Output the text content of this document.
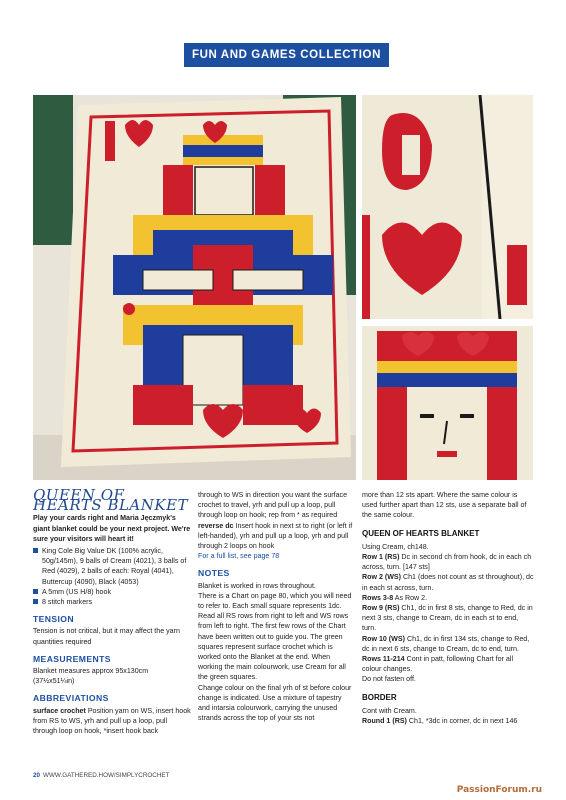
FUN AND GAMES COLLECTION
QUEEN OF HEARTS BLANKET

Play your cards right and Maria Jęczmyk's giant blanket could be your next project. We're sure your visitors will heart it!

King Cole Big Value DK (100% acrylic, 50g/145m), 9 balls of Cream (4021), 3 balls of Red (4029), 2 balls of each: Royal (4041), Buttercup (4090), Black (4053)
A 5mm (US H/8) hook
8 stitch markers
TENSION

Tension is not critical, but it may affect the yarn quantities required

MEASUREMENTS

Blanket measures approx 95x130cm (37½x51¼in)

ABBREVIATIONS

surface crochet Position yarn on WS, insert hook from RS to WS, yrh and pull up a loop, pull through loop on hook, *insert hook back

through to WS in direction you want the surface crochet to travel, yrh and pull up a loop, pull through loop on hook; rep from * as required

reverse dc Insert hook in next st to right (or left if left-handed), yrh and pull up a loop, yrh and pull through 2 loops on hook

For a full list, see page 78

NOTES

Blanket is worked in rows throughout.

There is a Chart on page 80, which you will need to refer to. Each small square represents 1dc. Read all RS rows from right to left and WS rows from left to right. The first few rows of the Chart have been written out to guide you. The green squares represent surface crochet which is worked onto the Blanket at the end. When working the main colourwork, use Cream for all the green squares.

Change colour on the final yrh of st before colour change is indicated. Use a mixture of tapestry and intarsia colourwork, carrying the unused strands across the top of your sts not

more than 12 sts apart. Where the same colour is used further apart than 12 sts, use a separate ball of the same colour.

QUEEN OF HEARTS BLANKET

Using Cream, ch148.

Row 1 (RS) Dc in second ch from hook, dc in each ch across, turn. [147 sts]

Row 2 (WS) Ch1 (does not count as st throughout), dc in each st across, turn.

Rows 3-8 As Row 2.

Row 9 (RS) Ch1, dc in first 8 sts, change to Red, dc in next 3 sts, change to Cream, dc in each st to end, turn.

Row 10 (WS) Ch1, dc in first 134 sts, change to Red, dc in next 6 sts, change to Cream, dc to end, turn.

Rows 11-214 Cont in patt, following Chart for all colour changes.

Do not fasten off.

BORDER

Cont with Cream.

Round 1 (RS) Ch1, *3dc in corner, dc in next 146

20 WWW.GATHERED.HOW/SIMPLYCROCHET
PassionForum.ru
